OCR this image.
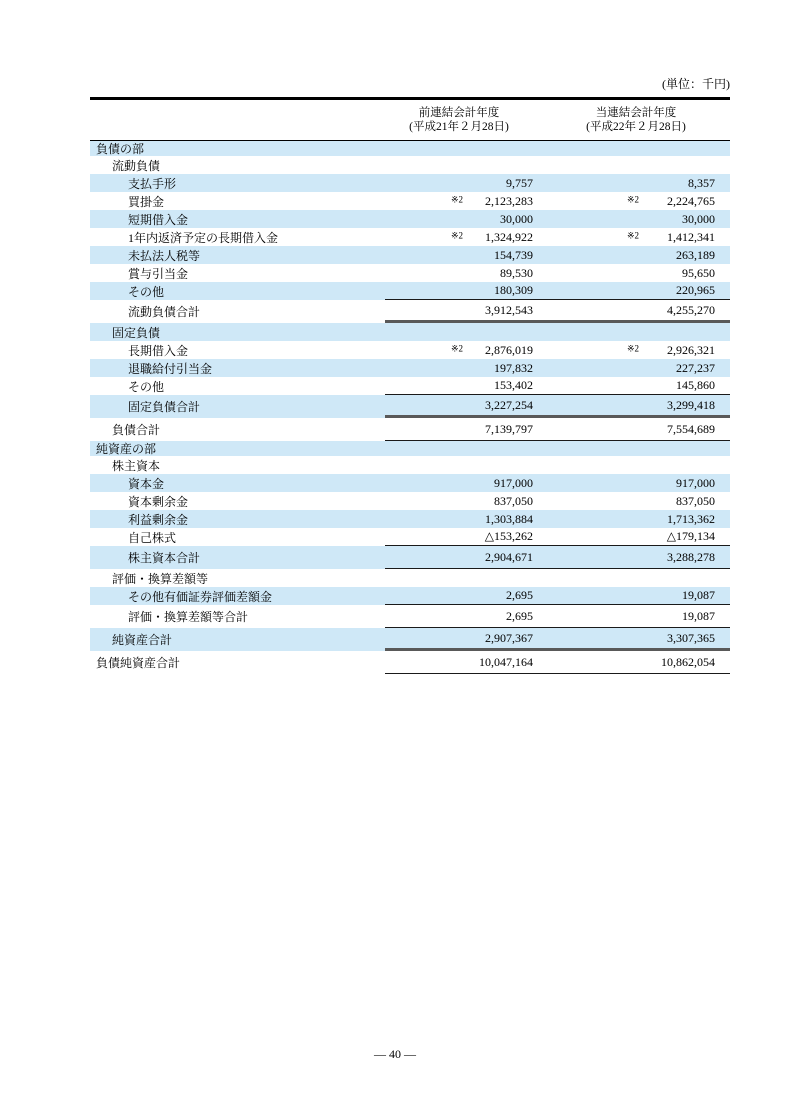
(単位：千円)
前連結会計年度
(平成21年２月28日)
当連結会計年度
(平成22年２月28日)
負債の部
流動負債
支払手形	9,757	8,357
買掛金	※2 2,123,283	※2 2,224,765
短期借入金	30,000	30,000
1年内返済予定の長期借入金	※2 1,324,922	※2 1,412,341
未払法人税等	154,739	263,189
賞与引当金	89,530	95,650
その他	180,309	220,965
流動負債合計	3,912,543	4,255,270
固定負債
長期借入金	※2 2,876,019	※2 2,926,321
退職給付引当金	197,832	227,237
その他	153,402	145,860
固定負債合計	3,227,254	3,299,418
負債合計	7,139,797	7,554,689
純資産の部
株主資本
資本金	917,000	917,000
資本剰余金	837,050	837,050
利益剰余金	1,303,884	1,713,362
自己株式	△153,262	△179,134
株主資本合計	2,904,671	3,288,278
評価・換算差額等
その他有価証券評価差額金	2,695	19,087
評価・換算差額等合計	2,695	19,087
純資産合計	2,907,367	3,307,365
負債純資産合計	10,047,164	10,862,054
— 40 —
